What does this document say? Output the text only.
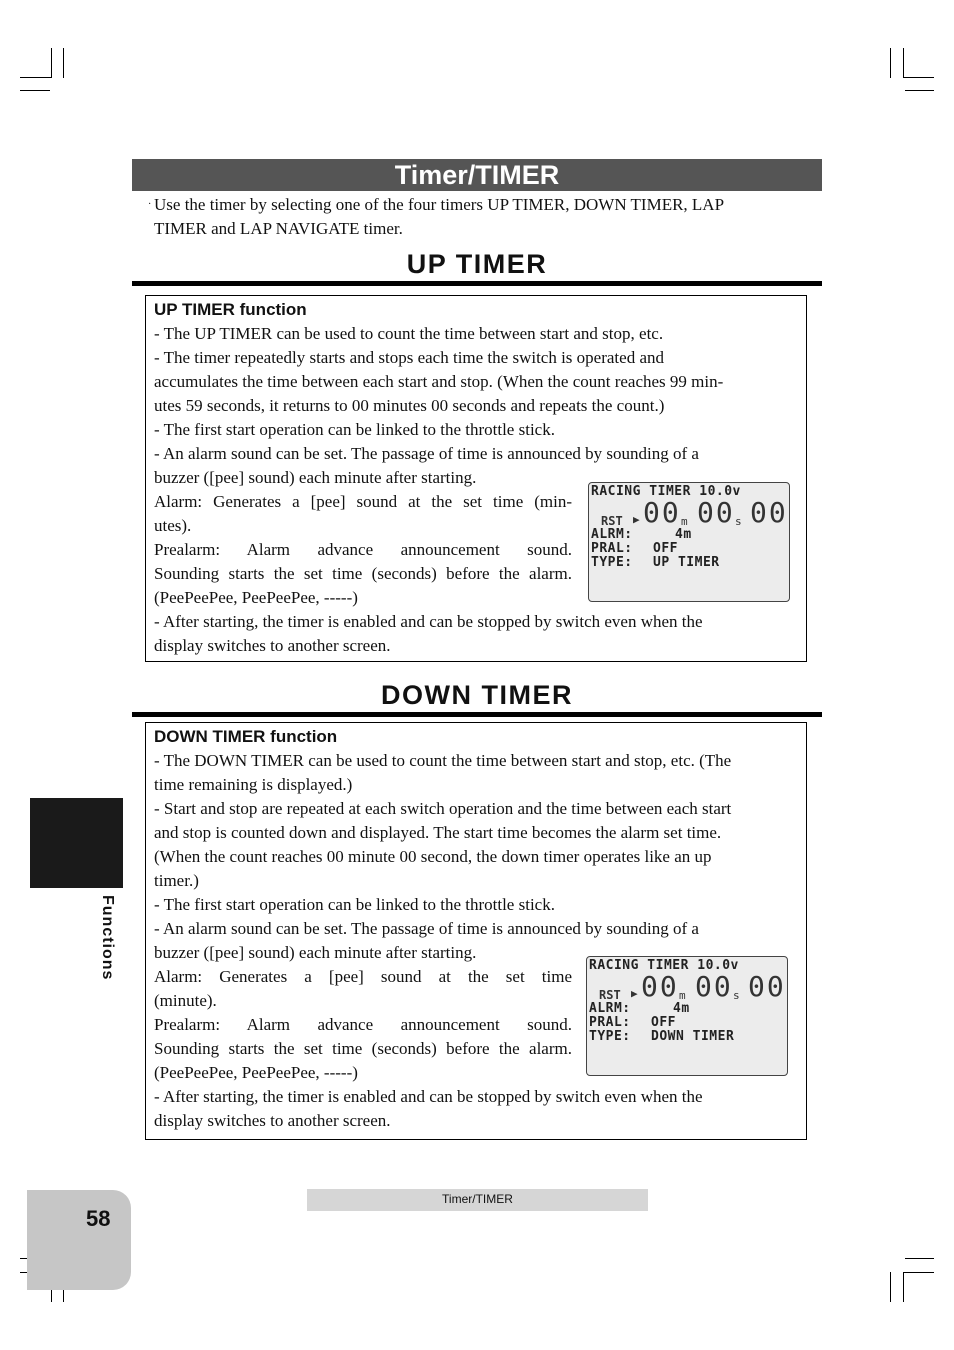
Timer/TIMER
· Use the timer by selecting one of the four timers UP TIMER, DOWN TIMER, LAP
TIMER and LAP NAVIGATE timer.
UP TIMER
UP TIMER function
- The UP TIMER can be used to count the time between start and stop, etc.
- The timer repeatedly starts and stops each time the switch is operated and
accumulates the time between each start and stop. (When the count reaches 99 min-
utes 59 seconds, it returns to 00 minutes 00 seconds and repeats the count.)
- The first start operation can be linked to the throttle stick.
- An alarm sound can be set. The passage of time is announced by sounding of a
buzzer ([pee] sound) each minute after starting.
Alarm: Generates a [pee] sound at the set time (min-
utes).
Prealarm: Alarm advance announcement sound.
Sounding starts the set time (seconds) before the alarm.
(PeePeePee, PeePeePee, -----)
- After starting, the timer is enabled and can be stopped by switch even when the
display switches to another screen.
RACING TIMER 10.0v
RST ▶ 00 m 00 s 00
ALRM:	4m
PRAL: OFF
TYPE: UP TIMER
DOWN TIMER
DOWN TIMER function
- The DOWN TIMER can be used to count the time between start and stop, etc. (The
time remaining is displayed.)
- Start and stop are repeated at each switch operation and the time between each start
and stop is counted down and displayed. The start time becomes the alarm set time.
(When the count reaches 00 minute 00 second, the down timer operates like an up
timer.)
- The first start operation can be linked to the throttle stick.
- An alarm sound can be set. The passage of time is announced by sounding of a
buzzer ([pee] sound) each minute after starting.
Alarm: Generates a [pee] sound at the set time
(minute).
Prealarm: Alarm advance announcement sound.
Sounding starts the set time (seconds) before the alarm.
(PeePeePee, PeePeePee, -----)
- After starting, the timer is enabled and can be stopped by switch even when the
display switches to another screen.
RACING TIMER 10.0v
RST ▶ 00 m 00 s 00
ALRM:	4m
PRAL: OFF
TYPE: DOWN TIMER
Functions
58
Timer/TIMER
